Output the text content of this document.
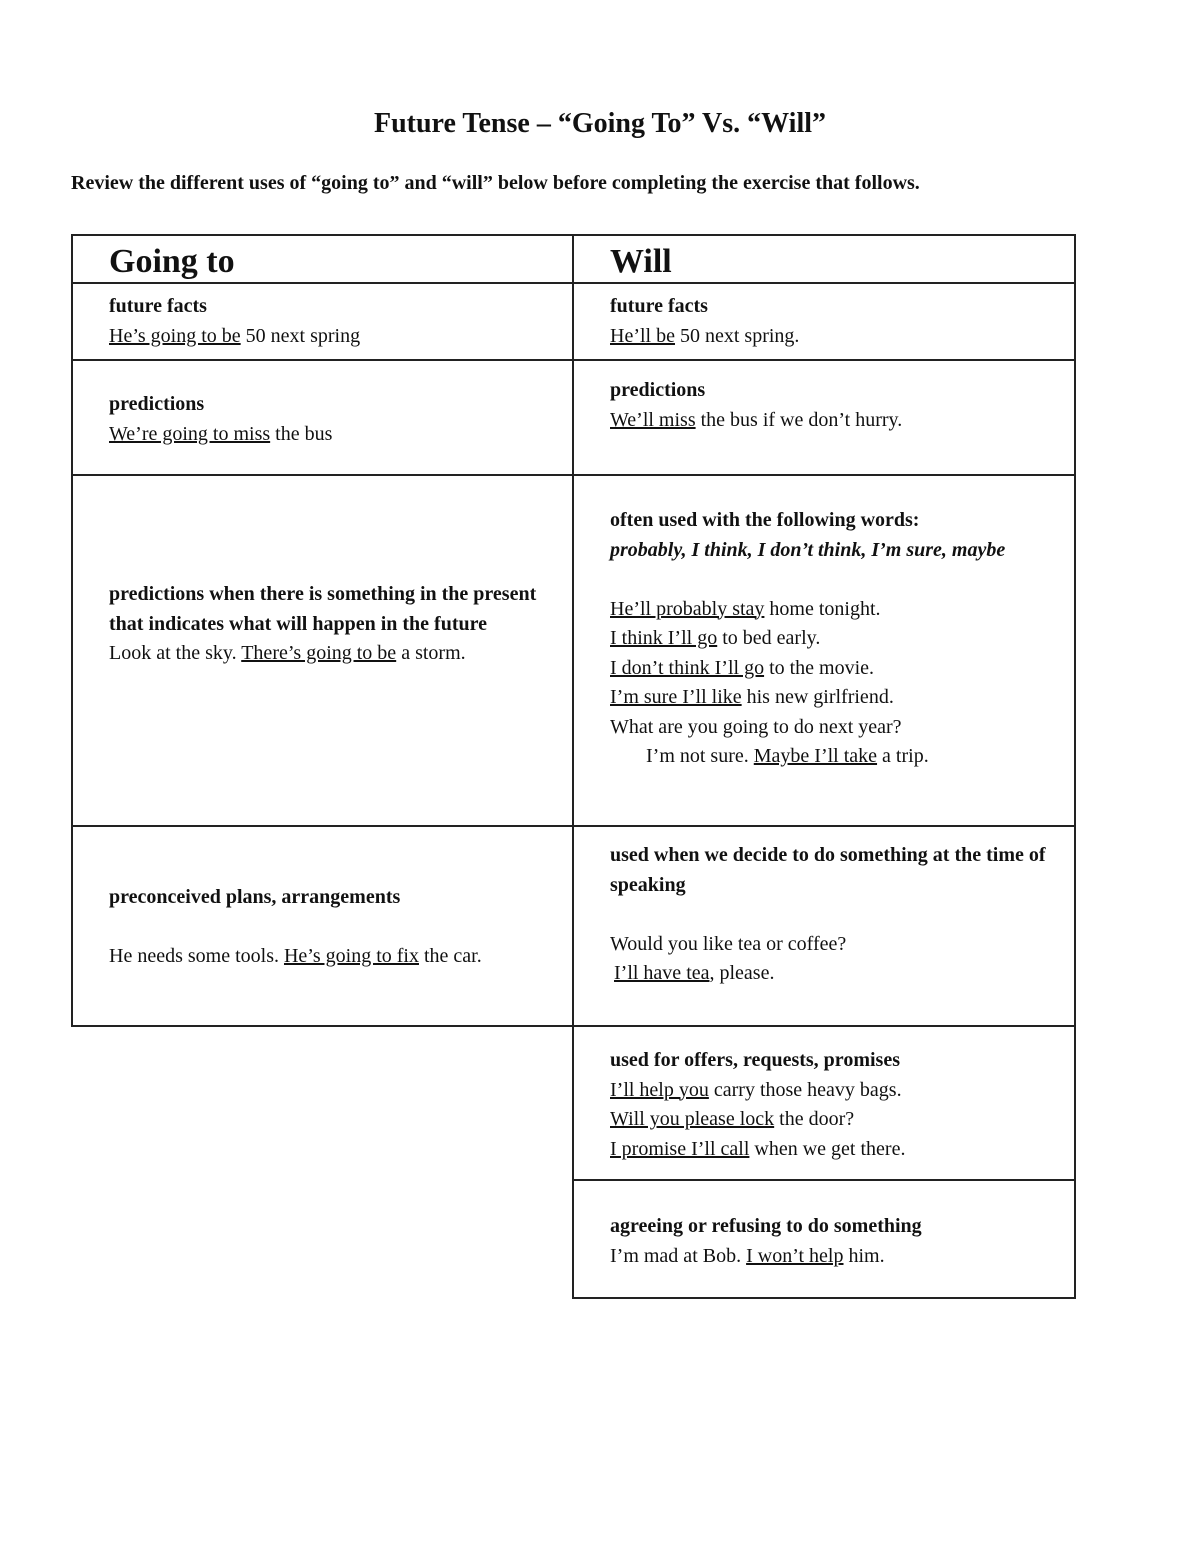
Future Tense – “Going To” Vs. “Will”

Review the different uses of “going to” and “will” below before completing the exercise that follows.

Going to	Will
future facts
He’s going to be 50 next spring
future facts
He’ll be 50 next spring.
predictions
We’re going to miss the bus
predictions
We’ll miss the bus if we don’t hurry.
predictions when there is something in the present that indicates what will happen in the future
Look at the sky. There’s going to be a storm.
often used with the following words:
probably, I think, I don’t think, I’m sure, maybe
He’ll probably stay home tonight.
I think I’ll go to bed early.
I don’t think I’ll go to the movie.
I’m sure I’ll like his new girlfriend.
What are you going to do next year?
I’m not sure. Maybe I’ll take a trip.
preconceived plans, arrangements
He needs some tools. He’s going to fix the car.
used when we decide to do something at the time of speaking
Would you like tea or coffee?
I’ll have tea, please.
used for offers, requests, promises
I’ll help you carry those heavy bags.
Will you please lock the door?
I promise I’ll call when we get there.
agreeing or refusing to do something
I’m mad at Bob. I won’t help him.
